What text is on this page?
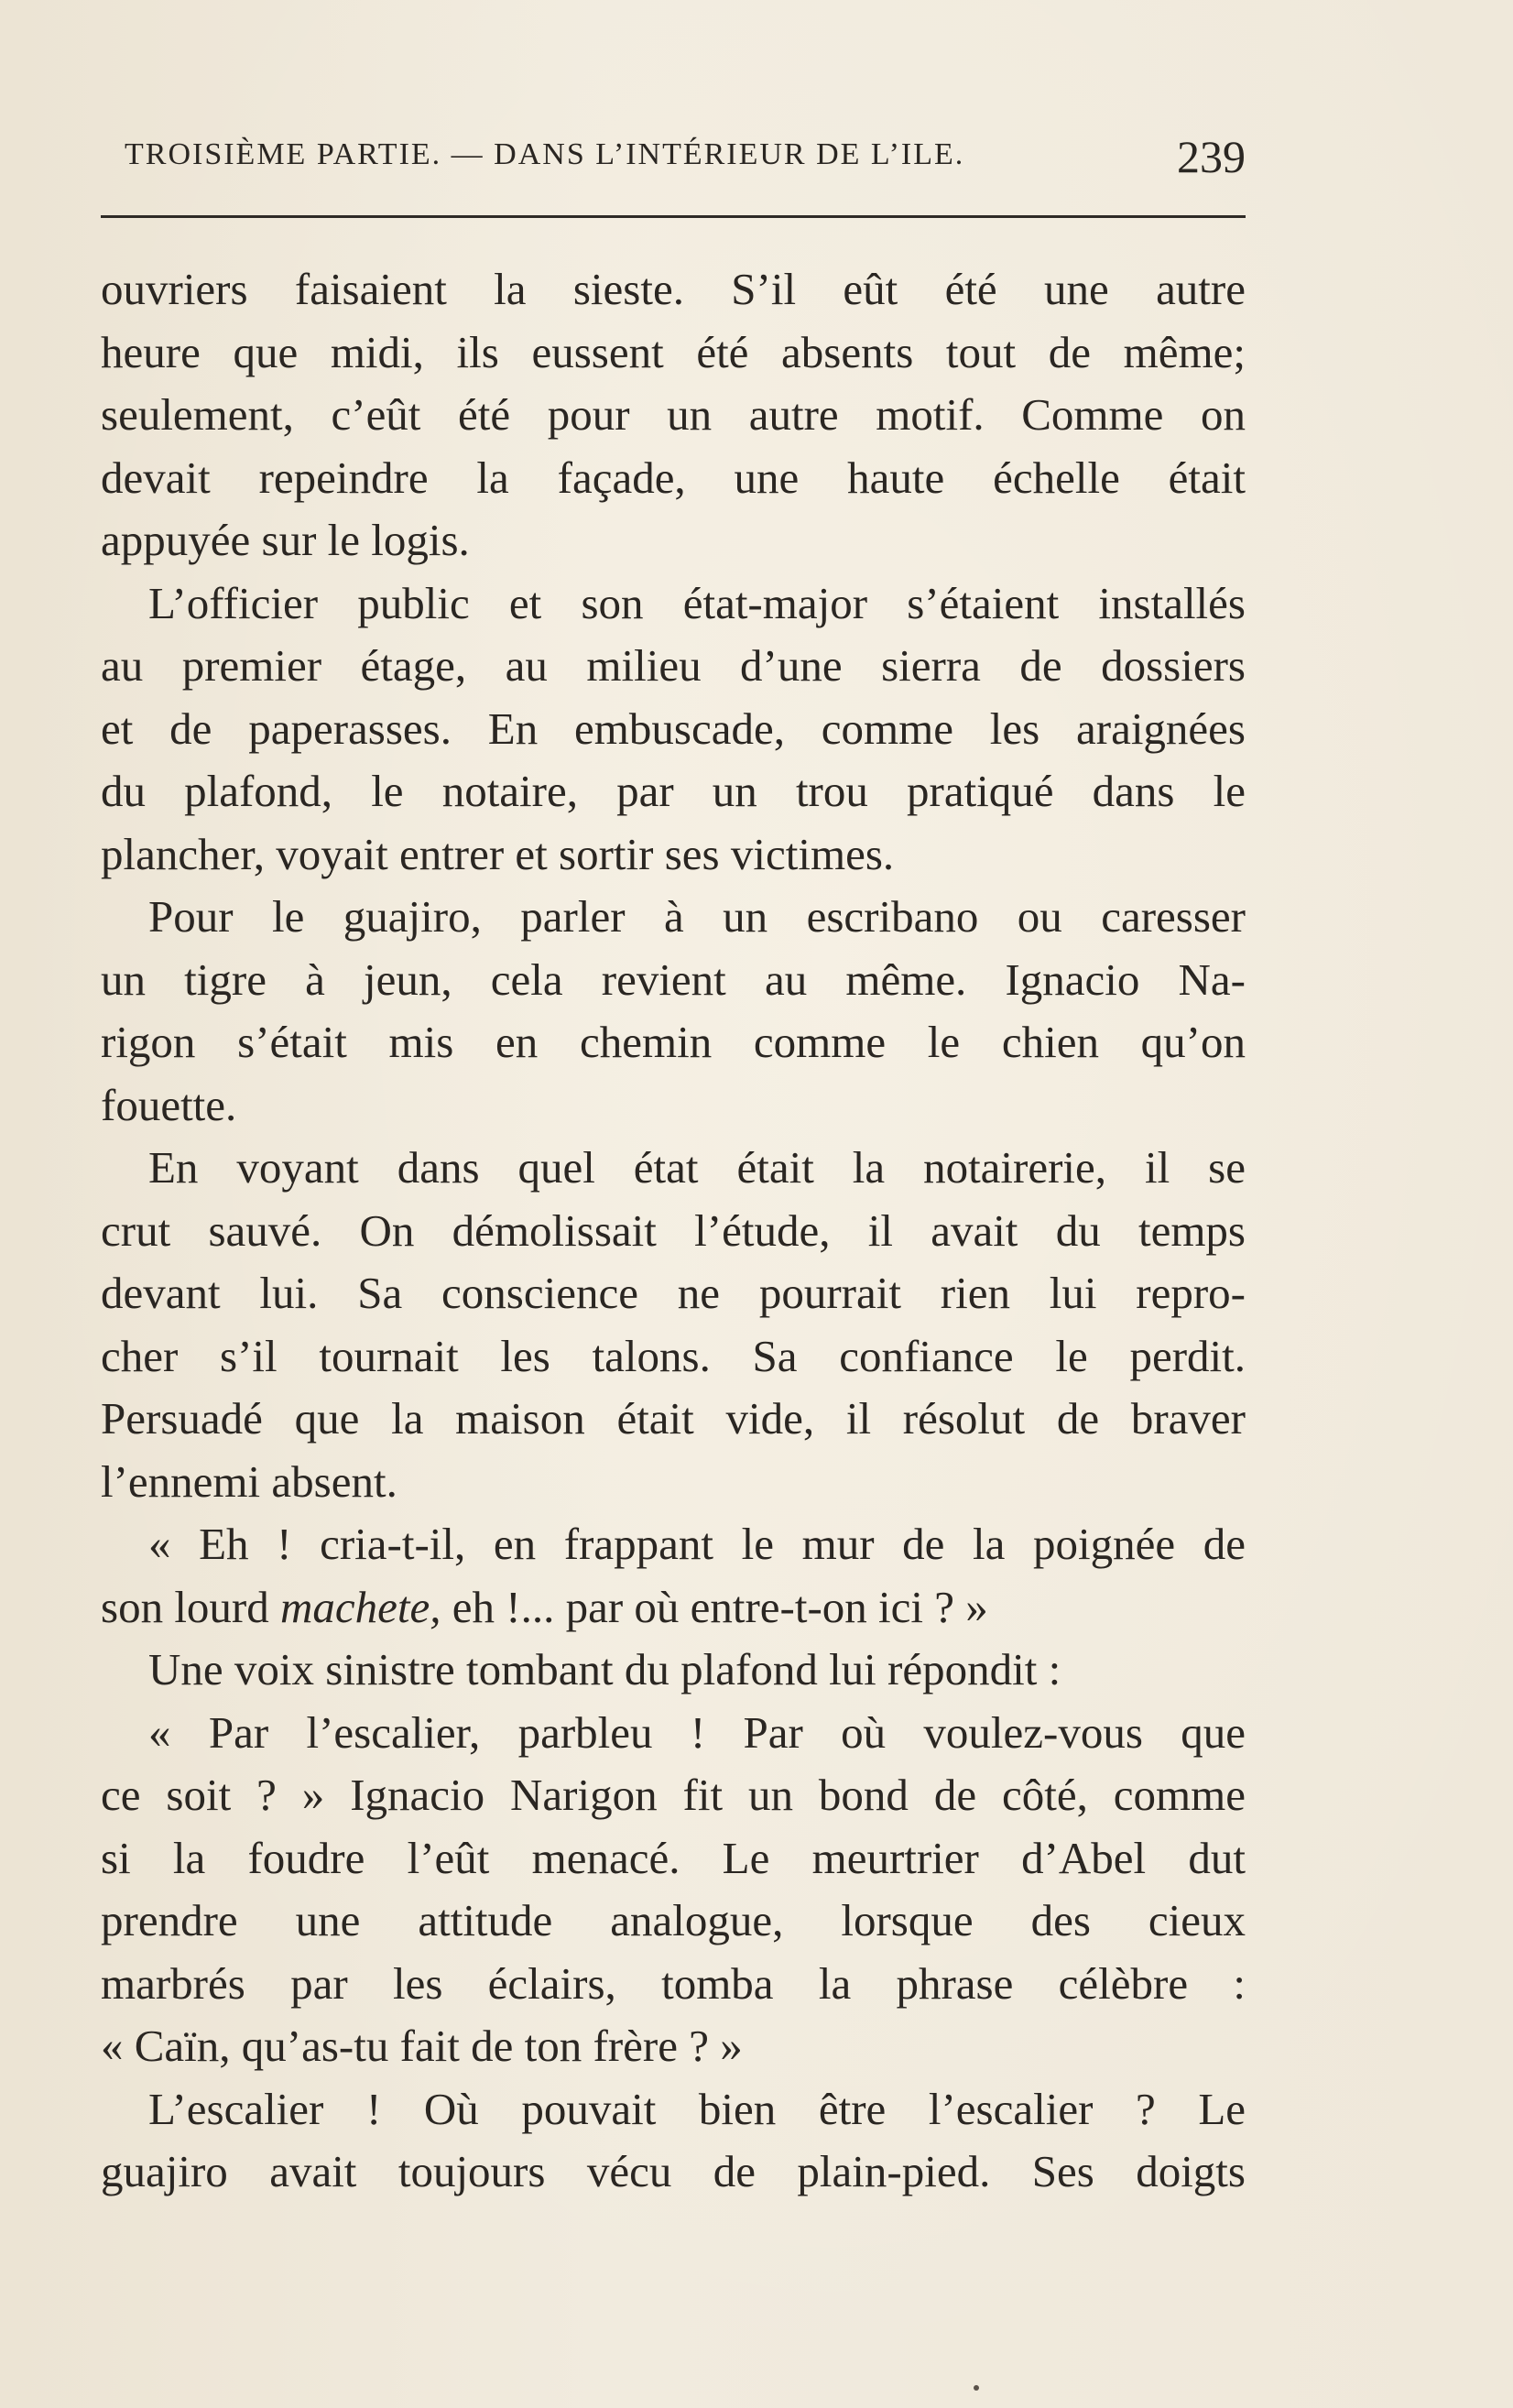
TROISIÈME PARTIE. — DANS L’INTÉRIEUR DE L’ILE.	239
ouvriers faisaient la sieste. S’il eût été une autre
heure que midi, ils eussent été absents tout de même;
seulement, c’eût été pour un autre motif. Comme on
devait repeindre la façade, une haute échelle était
appuyée sur le logis.
L’officier public et son état-major s’étaient installés
au premier étage, au milieu d’une sierra de dossiers
et de paperasses. En embuscade, comme les araignées
du plafond, le notaire, par un trou pratiqué dans le
plancher, voyait entrer et sortir ses victimes.
Pour le guajiro, parler à un escribano ou caresser
un tigre à jeun, cela revient au même. Ignacio Na-
rigon s’était mis en chemin comme le chien qu’on
fouette.
En voyant dans quel état était la notairerie, il se
crut sauvé. On démolissait l’étude, il avait du temps
devant lui. Sa conscience ne pourrait rien lui repro-
cher s’il tournait les talons. Sa confiance le perdit.
Persuadé que la maison était vide, il résolut de braver
l’ennemi absent.
« Eh ! cria-t-il, en frappant le mur de la poignée de
son lourd machete, eh !... par où entre-t-on ici ? »
Une voix sinistre tombant du plafond lui répondit :
« Par l’escalier, parbleu ! Par où voulez-vous que
ce soit ? » Ignacio Narigon fit un bond de côté, comme
si la foudre l’eût menacé. Le meurtrier d’Abel dut
prendre une attitude analogue, lorsque des cieux
marbrés par les éclairs, tomba la phrase célèbre :
« Caïn, qu’as-tu fait de ton frère ? »
L’escalier ! Où pouvait bien être l’escalier ? Le
guajiro avait toujours vécu de plain-pied. Ses doigts
